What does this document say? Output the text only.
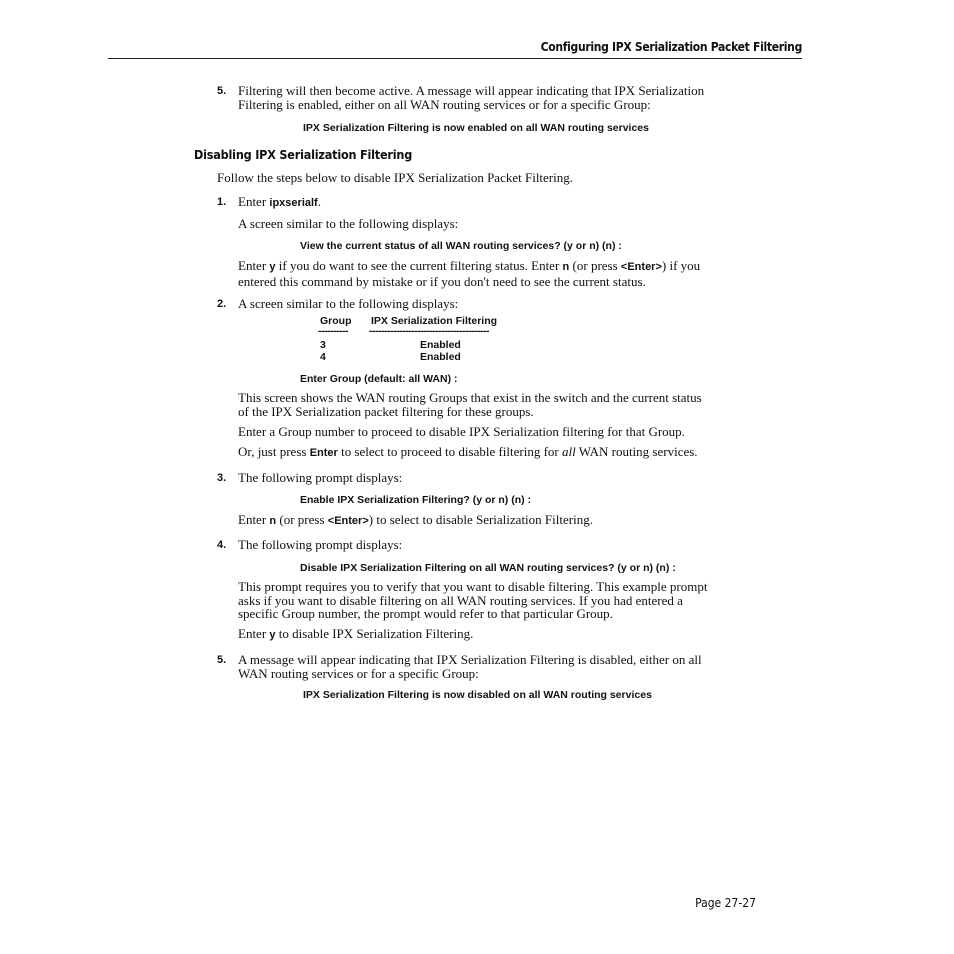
Configuring IPX Serialization Packet Filtering
5. Filtering will then become active. A message will appear indicating that IPX Serialization
Filtering is enabled, either on all WAN routing services or for a specific Group:
IPX Serialization Filtering is now enabled on all WAN routing services
Disabling IPX Serialization Filtering
Follow the steps below to disable IPX Serialization Packet Filtering.
1. Enter ipxserialf.
A screen similar to the following displays:
View the current status of all WAN routing services? (y or n) (n) :
Enter y if you do want to see the current filtering status. Enter n (or press <Enter>) if you
entered this command by mistake or if you don't need to see the current status.
2. A screen similar to the following displays:
Group IPX Serialization Filtering
---------- ----------------------------------------
3	Enabled
4	Enabled
Enter Group (default: all WAN) :
This screen shows the WAN routing Groups that exist in the switch and the current status
of the IPX Serialization packet filtering for these groups.
Enter a Group number to proceed to disable IPX Serialization filtering for that Group.
Or, just press Enter to select to proceed to disable filtering for all WAN routing services.
3. The following prompt displays:
Enable IPX Serialization Filtering? (y or n) (n) :
Enter n (or press <Enter>) to select to disable Serialization Filtering.
4. The following prompt displays:
Disable IPX Serialization Filtering on all WAN routing services? (y or n) (n) :
This prompt requires you to verify that you want to disable filtering. This example prompt
asks if you want to disable filtering on all WAN routing services. If you had entered a
specific Group number, the prompt would refer to that particular Group.
Enter y to disable IPX Serialization Filtering.
5. A message will appear indicating that IPX Serialization Filtering is disabled, either on all
WAN routing services or for a specific Group:
IPX Serialization Filtering is now disabled on all WAN routing services
Page 27-27
